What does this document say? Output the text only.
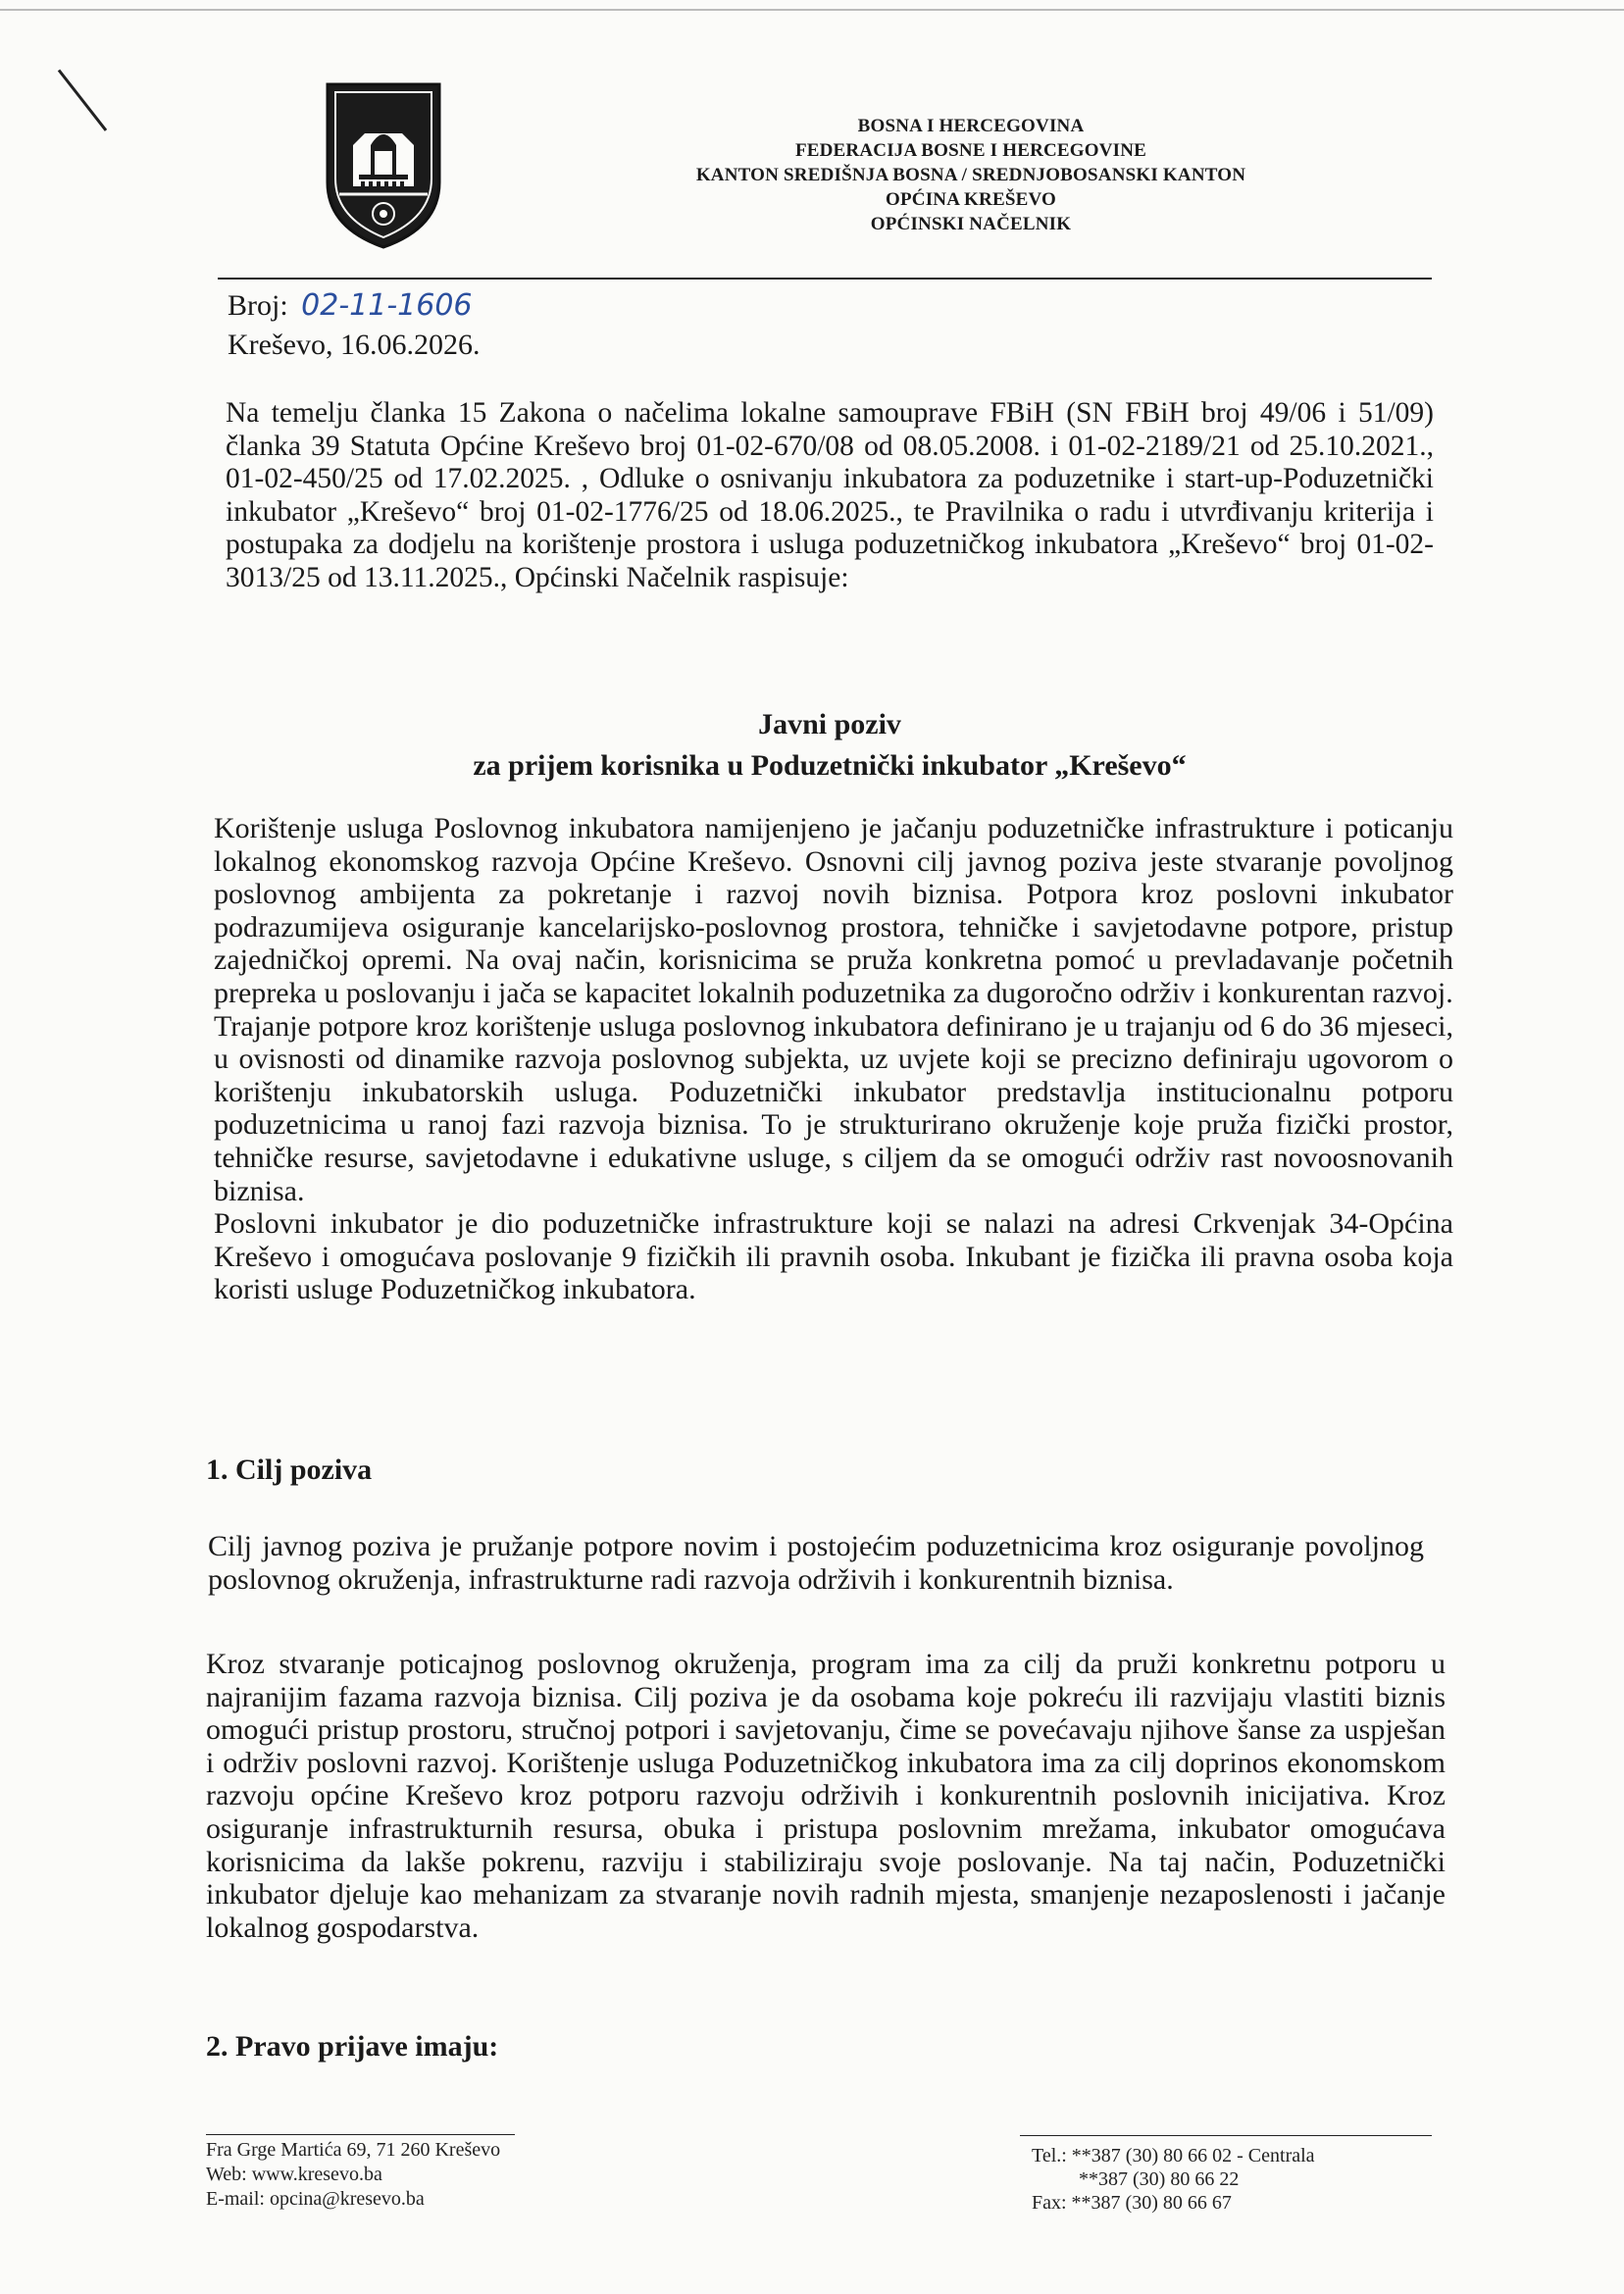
BOSNA I HERCEGOVINA
FEDERACIJA BOSNE I HERCEGOVINE
KANTON SREDIŠNJA BOSNA / SREDNJOBOSANSKI KANTON
OPĆINA KREŠEVO
OPĆINSKI NAČELNIK
Broj: 02-11-1606
Kreševo, 16.06.2026.

Na temelju članka 15 Zakona o načelima lokalne samouprave FBiH (SN FBiH broj 49/06 i 51/09) članka 39 Statuta Općine Kreševo broj 01-02-670/08 od 08.05.2008. i 01-02-2189/21 od 25.10.2021., 01-02-450/25 od 17.02.2025. , Odluke o osnivanju inkubatora za poduzetnike i start-up-Poduzetnički inkubator „Kreševo“ broj 01-02-1776/25 od 18.06.2025., te Pravilnika o radu i utvrđivanju kriterija i postupaka za dodjelu na korištenje prostora i usluga poduzetničkog inkubatora „Kreševo“ broj 01-02-3013/25 od 13.11.2025., Općinski Načelnik raspisuje:

Javni poziv
za prijem korisnika u Poduzetnički inkubator „Kreševo“

Korištenje usluga Poslovnog inkubatora namijenjeno je jačanju poduzetničke infrastrukture i poticanju lokalnog ekonomskog razvoja Općine Kreševo. Osnovni cilj javnog poziva jeste stvaranje povoljnog poslovnog ambijenta za pokretanje i razvoj novih biznisa. Potpora kroz poslovni inkubator podrazumijeva osiguranje kancelarijsko-poslovnog prostora, tehničke i savjetodavne potpore, pristup zajedničkoj opremi. Na ovaj način, korisnicima se pruža konkretna pomoć u prevladavanje početnih prepreka u poslovanju i jača se kapacitet lokalnih poduzetnika za dugoročno održiv i konkurentan razvoj.

Trajanje potpore kroz korištenje usluga poslovnog inkubatora definirano je u trajanju od 6 do 36 mjeseci, u ovisnosti od dinamike razvoja poslovnog subjekta, uz uvjete koji se precizno definiraju ugovorom o korištenju inkubatorskih usluga. Poduzetnički inkubator predstavlja institucionalnu potporu poduzetnicima u ranoj fazi razvoja biznisa. To je strukturirano okruženje koje pruža fizički prostor, tehničke resurse, savjetodavne i edukativne usluge, s ciljem da se omogući održiv rast novoosnovanih biznisa.

Poslovni inkubator je dio poduzetničke infrastrukture koji se nalazi na adresi Crkvenjak 34-Općina Kreševo i omogućava poslovanje 9 fizičkih ili pravnih osoba. Inkubant je fizička ili pravna osoba koja koristi usluge Poduzetničkog inkubatora.

1. Cilj poziva

Cilj javnog poziva je pružanje potpore novim i postojećim poduzetnicima kroz osiguranje povoljnog poslovnog okruženja, infrastrukturne radi razvoja održivih i konkurentnih biznisa.

Kroz stvaranje poticajnog poslovnog okruženja, program ima za cilj da pruži konkretnu potporu u najranijim fazama razvoja biznisa. Cilj poziva je da osobama koje pokreću ili razvijaju vlastiti biznis omogući pristup prostoru, stručnoj potpori i savjetovanju, čime se povećavaju njihove šanse za uspješan i održiv poslovni razvoj. Korištenje usluga Poduzetničkog inkubatora ima za cilj doprinos ekonomskom razvoju općine Kreševo kroz potporu razvoju održivih i konkurentnih poslovnih inicijativa. Kroz osiguranje infrastrukturnih resursa, obuka i pristupa poslovnim mrežama, inkubator omogućava korisnicima da lakše pokrenu, razviju i stabiliziraju svoje poslovanje. Na taj način, Poduzetnički inkubator djeluje kao mehanizam za stvaranje novih radnih mjesta, smanjenje nezaposlenosti i jačanje lokalnog gospodarstva.

2. Pravo prijave imaju:
Fra Grge Martića 69, 71 260 Kreševo
Web: www.kresevo.ba
E-mail: opcina@kresevo.ba
Tel.: **387 (30) 80 66 02 - Centrala
**387 (30) 80 66 22
Fax: **387 (30) 80 66 67
